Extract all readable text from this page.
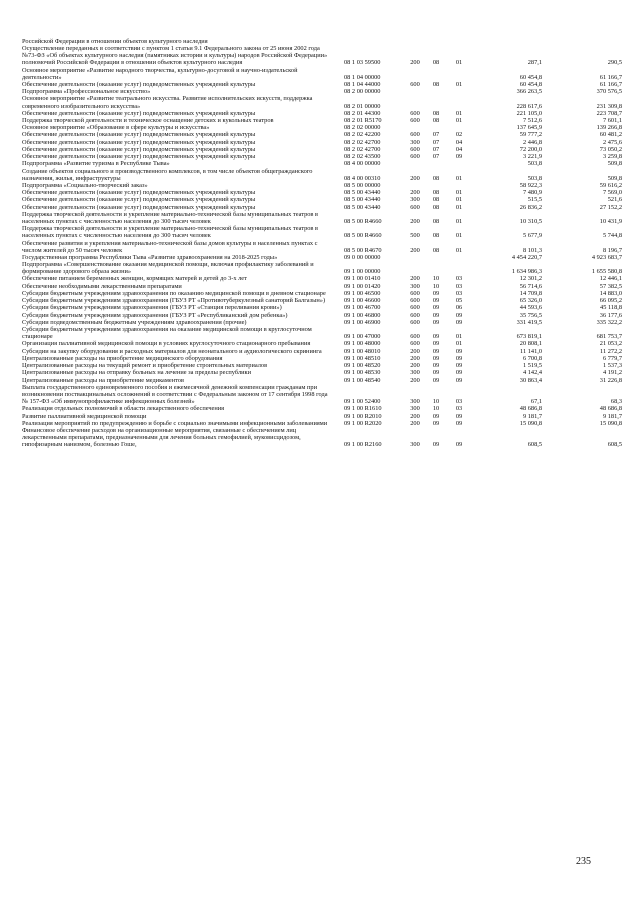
Российской Федерации в отношении объектов культурного наследия						
Осуществление переданных в соответствии с пунктом 1 статьи 9.1 Федерального закона от 25 июня 2002 года №73-ФЗ «Об объектах культурного наследия (памятниках истории и культуры) народов Российской Федерации» полномочий Российской Федерации в отношении объектов культурного наследия	08 1 03 59500	200	08	01	287,1	290,5
Основное мероприятие «Развитие народного творчества, культурно-досуговой и научно-издательской деятельности»	08 1 04 00000				60 454,8	61 166,7
Обеспечение деятельности (оказание услуг) подведомственных учреждений культуры	08 1 04 44000	600	08	01	60 454,8	61 166,7
Подпрограмма «Профессиональное искусство»	08 2 00 00000				366 263,5	370 576,5
Основное мероприятие «Развитие театрального искусства. Развитие исполнительских искусств, поддержка современного изобразительного искусства»	08 2 01 00000				228 617,6	231 309,8
Обеспечение деятельности (оказание услуг) подведомственных учреждений культуры	08 2 01 44300	600	08	01	221 105,0	223 708,7
Поддержка творческой деятельности и техническое оснащение детских и кукольных театров	08 2 01 R5170	600	08	01	7 512,6	7 601,1
Основное мероприятие «Образование в сфере культуры и искусства»	08 2 02 00000				137 645,9	139 266,8
Обеспечение деятельности (оказание услуг) подведомственных учреждений культуры	08 2 02 42200	600	07	02	59 777,2	60 481,2
Обеспечение деятельности (оказание услуг) подведомственных учреждений культуры	08 2 02 42700	300	07	04	2 446,8	2 475,6
Обеспечение деятельности (оказание услуг) подведомственных учреждений культуры	08 2 02 42700	600	07	04	72 200,0	73 050,2
Обеспечение деятельности (оказание услуг) подведомственных учреждений культуры	08 2 02 43500	600	07	09	3 221,9	3 259,8
Подпрограмма «Развитие туризма в Республике Тыва»	08 4 00 00000				503,8	509,8
Создание объектов социального и производственного комплексов, в том числе объектов общегражданского назначения, жилья, инфраструктуры	08 4 00 00310	200	08	01	503,8	509,8
Подпрограмма «Социально-творческий заказ»	08 5 00 00000				58 922,3	59 616,2
Обеспечение деятельности (оказание услуг) подведомственных учреждений культуры	08 5 00 43440	200	08	01	7 480,9	7 569,0
Обеспечение деятельности (оказание услуг) подведомственных учреждений культуры	08 5 00 43440	300	08	01	515,5	521,6
Обеспечение деятельности (оказание услуг) подведомственных учреждений культуры	08 5 00 43440	600	08	01	26 836,2	27 152,2
Поддержка творческой деятельности и укрепление материально-технической базы муниципальных театров в населенных пунктах с численностью населения до 300 тысяч человек	08 5 00 R4660	200	08	01	10 310,5	10 431,9
Поддержка творческой деятельности и укрепление материально-технической базы муниципальных театров в населенных пунктах с численностью населения до 300 тысяч человек	08 5 00 R4660	500	08	01	5 677,9	5 744,8
Обеспечение развития и укрепления материально-технической базы домов культуры в населенных пунктах с числом жителей до 50 тысяч человек	08 5 00 R4670	200	08	01	8 101,3	8 196,7
Государственная программа Республики Тыва «Развитие здравоохранения на 2018-2025 годы»	09 0 00 00000				4 454 220,7	4 923 683,7
Подпрограмма «Совершенствование оказания медицинской помощи, включая профилактику заболеваний и формирование здорового образа жизни»	09 1 00 00000				1 634 986,3	1 655 580,8
Обеспечение питанием беременных женщин, кормящих матерей и детей до 3-х лет	09 1 00 01410	200	10	03	12 301,2	12 446,1
Обеспечение необходимыми лекарственными препаратами	09 1 00 01420	300	10	03	56 714,6	57 382,5
Субсидии бюджетным учреждениям здравоохранения по оказанию медицинской помощи в дневном стационаре	09 1 00 46500	600	09	03	14 709,8	14 883,0
Субсидии бюджетным учреждениям здравоохранения (ГБУЗ РТ «Противотуберкулезный санаторий Балгазын»)	09 1 00 46600	600	09	05	65 326,0	66 095,2
Субсидии бюджетным учреждениям здравоохранения (ГБУЗ РТ «Станция переливания крови»)	09 1 00 46700	600	09	06	44 593,6	45 118,8
Субсидии бюджетным учреждениям здравоохранения (ГБУЗ РТ «Республиканский дом ребенка»)	09 1 00 46800	600	09	09	35 756,5	36 177,6
Субсидии подведомственным бюджетным учреждениям здравоохранения (прочие)	09 1 00 46900	600	09	09	331 419,5	335 322,2
Субсидии бюджетным учреждениям здравоохранения на оказание медицинской помощи в круглосуточном стационаре	09 1 00 47000	600	09	01	673 819,1	681 753,7
Организация паллиативной медицинской помощи в условиях круглосуточного стационарного пребывания	09 1 00 48000	600	09	01	20 808,1	21 053,2
Субсидии на закупку оборудования и расходных материалов для неонатального и аудиологического скрининга	09 1 00 48010	200	09	09	11 141,0	11 272,2
Централизованные расходы на приобретение медицинского оборудования	09 1 00 48510	200	09	09	6 700,8	6 779,7
Централизованные расходы на текущий ремонт и приобретение строительных материалов	09 1 00 48520	200	09	09	1 519,5	1 537,3
Централизованные расходы на отправку больных на лечение за пределы республики	09 1 00 48530	300	09	09	4 142,4	4 191,2
Централизованные расходы на приобретение медикаментов	09 1 00 48540	200	09	09	30 863,4	31 226,8
Выплата государственного единовременного пособия и ежемесячной денежной компенсации гражданам при возникновении поствакцинальных осложнений в соответствии с Федеральным законом от 17 сентября 1998 года № 157-ФЗ «Об иммунопрофилактике инфекционных болезней»	09 1 00 52400	300	10	03	67,1	68,3
Реализация отдельных полномочий в области лекарственного обеспечения	09 1 00 R1610	300	10	03	48 686,8	48 686,8
Развитие паллиативной медицинской помощи	09 1 00 R2010	200	09	09	9 181,7	9 181,7
Реализация мероприятий по предупреждению и борьбе с социально значимыми инфекционными заболеваниями	09 1 00 R2020	200	09	09	15 090,8	15 090,8
Финансовое обеспечение расходов на организационные мероприятия, связанные с обеспечением лиц лекарственными препаратами, предназначенными для лечения больных гемофилией, муковисцидозом, гипофизарным нанизмом, болезнью Гоше,	09 1 00 R2160	300	09	09	608,5	608,5
235
